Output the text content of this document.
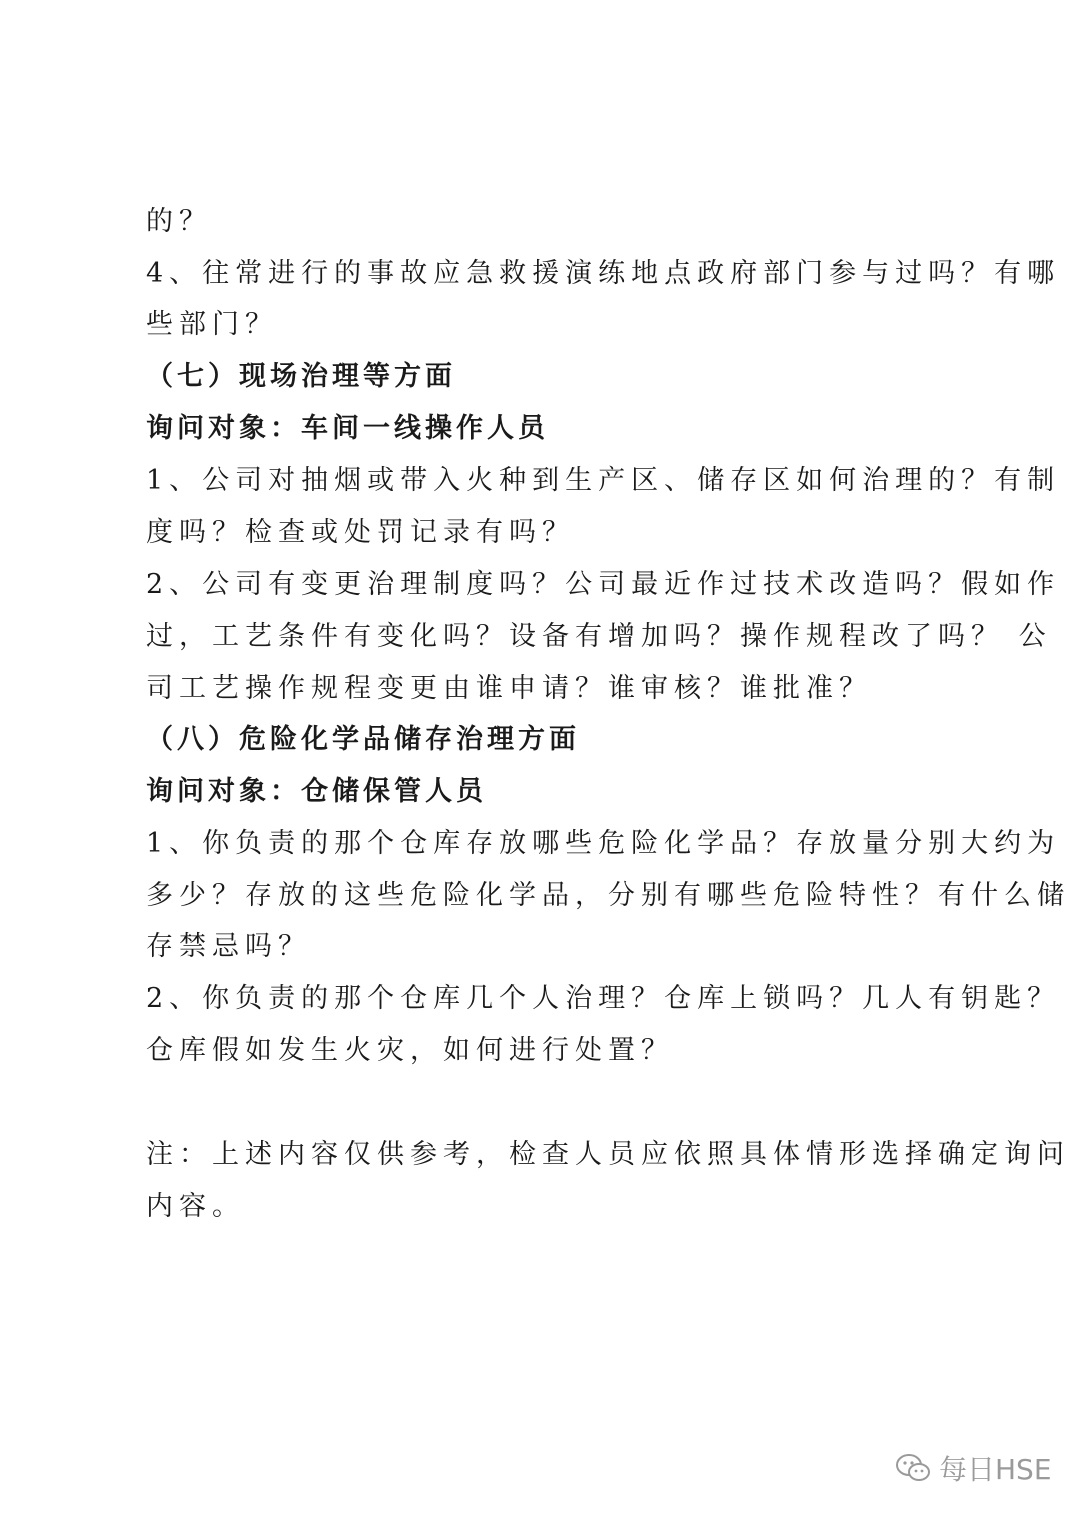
的？
4、往常进行的事故应急救援演练地点政府部门参与过吗？有哪
些部门？
（七）现场治理等方面
询问对象：车间一线操作人员
1、公司对抽烟或带入火种到生产区、储存区如何治理的？有制
度吗？检查或处罚记录有吗？
2、公司有变更治理制度吗？公司最近作过技术改造吗？假如作
过，工艺条件有变化吗？设备有增加吗？操作规程改了吗？ 公
司工艺操作规程变更由谁申请？谁审核？谁批准？
（八）危险化学品储存治理方面
询问对象：仓储保管人员
1、你负责的那个仓库存放哪些危险化学品？存放量分别大约为
多少？存放的这些危险化学品，分别有哪些危险特性？有什么储
存禁忌吗？
2、你负责的那个仓库几个人治理？仓库上锁吗？几人有钥匙？
仓库假如发生火灾，如何进行处置？
注：上述内容仅供参考，检查人员应依照具体情形选择确定询问
内容。
每日HSE
